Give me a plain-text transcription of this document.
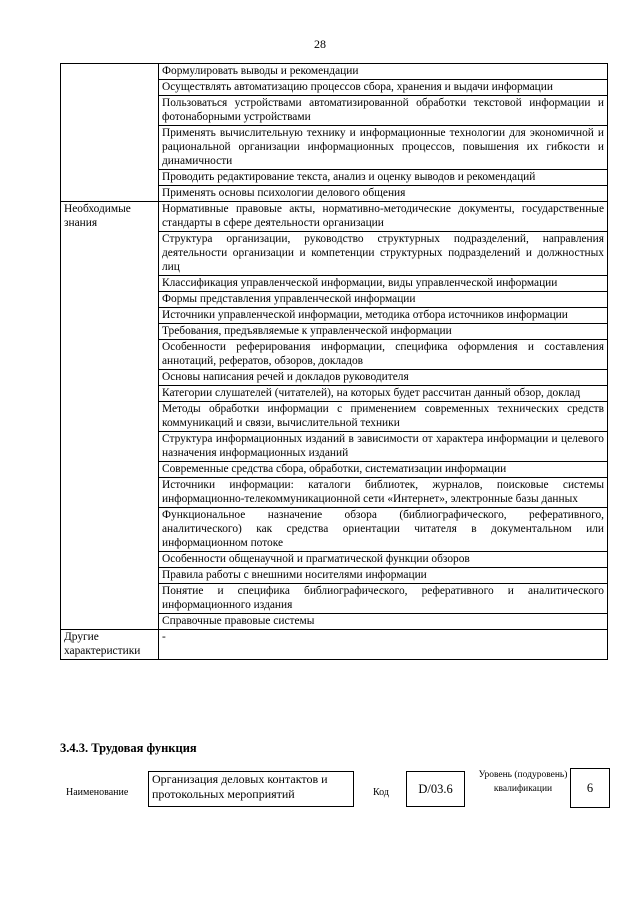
28
	Формулировать выводы и рекомендации
	Осуществлять автоматизацию процессов сбора, хранения и выдачи информации
	Пользоваться устройствами автоматизированной обработки текстовой информации и фотонаборными устройствами
	Применять вычислительную технику и информационные технологии для экономичной и рациональной организации информационных процессов, повышения их гибкости и динамичности
	Проводить редактирование текста, анализ и оценку выводов и рекомендаций
	Применять основы психологии делового общения
Необходимые знания	Нормативные правовые акты, нормативно-методические документы, государственные стандарты в сфере деятельности организации
	Структура организации, руководство структурных подразделений, направления деятельности организации и компетенции структурных подразделений и должностных лиц
	Классификация управленческой информации, виды управленческой информации
	Формы представления управленческой информации
	Источники управленческой информации, методика отбора источников информации
	Требования, предъявляемые к управленческой информации
	Особенности реферирования информации, специфика оформления и составления аннотаций, рефератов, обзоров, докладов
	Основы написания речей и докладов руководителя
	Категории слушателей (читателей), на которых будет рассчитан данный обзор, доклад
	Методы обработки информации с применением современных технических средств коммуникаций и связи, вычислительной техники
	Структура информационных изданий в зависимости от характера информации и целевого назначения информационных изданий
	Современные средства сбора, обработки, систематизации информации
	Источники информации: каталоги библиотек, журналов, поисковые системы информационно-телекоммуникационной сети «Интернет», электронные базы данных
	Функциональное назначение обзора (библиографического, реферативного, аналитического) как средства ориентации читателя в документальном или информационном потоке
	Особенности общенаучной и прагматической функции обзоров
	Правила работы с внешними носителями информации
	Понятие и специфика библиографического, реферативного и аналитического информационного издания
	Справочные правовые системы
Другие характеристики	-
3.4.3. Трудовая функция
Наименование
Организация деловых контактов и протокольных мероприятий	Код	D/03.6
Уровень (подуровень) квалификации	6
